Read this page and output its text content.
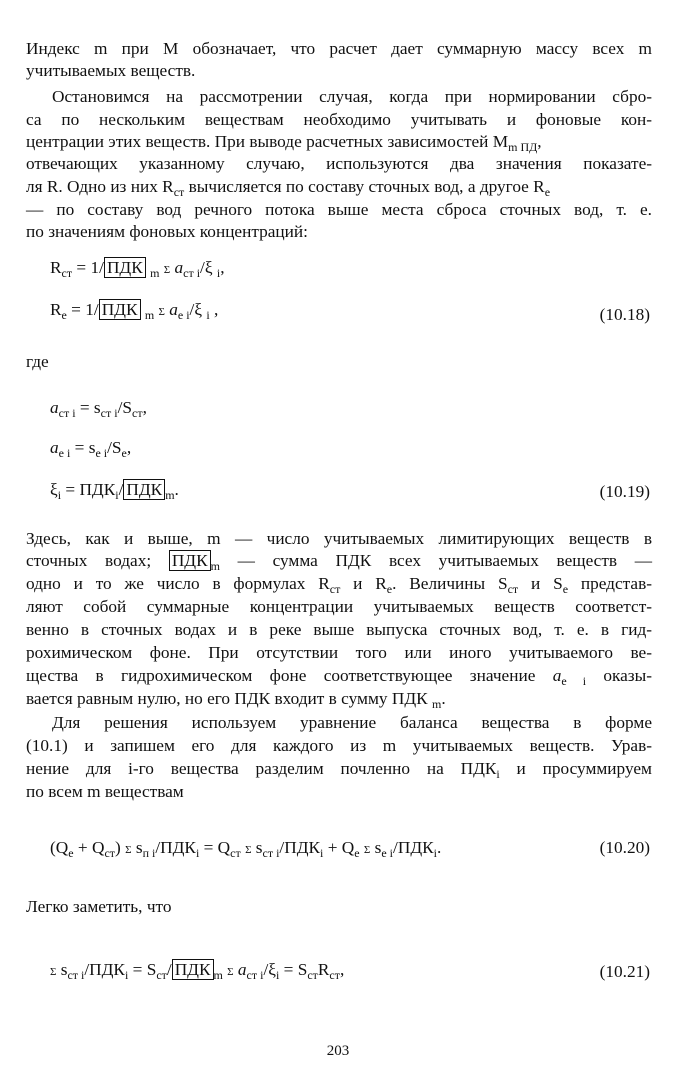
Индекс m при М обозначает, что расчет дает суммарную массу всех m
учитываемых веществ.
Остановимся на рассмотрении случая, когда при нормировании сбро-
са по нескольким веществам необходимо учитывать и фоновые кон-
центрации этих веществ. При выводе расчетных зависимостей $M_{m ПД}$,
отвечающих указанному случаю, используются два значения показате-
ля R. Одно из них $R_{ст}$ вычисляется по составу сточных вод, а другое $R_e$
— по составу вод речного потока выше места сброса сточных вод, т. е.
по значениям фоновых концентраций:
$R_{ст} = 1/$ ПДК $_m$ Σ $a_{ст i}/\xi$ $_i$,
$R_e = 1/$ ПДК $_m$ Σ $a_{e i}/\xi$ $_i$ ,	(10.18)
где
$a_{ст i} = s_{ст i}/S_{ст}$,
$a_{e i} = s_{e i}/S_e$,
$\xi_i = ПДК_i/$ ПДК $_m$.	(10.19)
Здесь, как и выше, m — число учитываемых лимитирующих веществ в
сточных водах; ПДК $_m$ — сумма ПДК всех учитываемых веществ —
одно и то же число в формулах $R_{ст}$ и $R_e$. Величины $S_{ст}$ и $S_e$ представ-
ляют собой суммарные концентрации учитываемых веществ соответст-
венно в сточных водах и в реке выше выпуска сточных вод, т. е. в гид-
рохимическом фоне. При отсутствии того или иного учитываемого ве-
щества в гидрохимическом фоне соответствующее значение $a_{e i}$ оказы-
вается равным нулю, но его ПДК входит в сумму ПДК $_m$.
Для решения используем уравнение баланса вещества в форме
(10.1) и запишем его для каждого из m учитываемых веществ. Урав-
нение для i-го вещества разделим почленно на $ПДК_i$ и просуммируем
по всем m веществам
$(Q_e + Q_{ст})$ Σ $s_{п i}/ПДК_i = Q_{ст}$ Σ $s_{ст i}/ПДК_i + Q_e$ Σ $s_{e i}/ПДК_i$.	(10.20)
Легко заметить, что
Σ $s_{ст i}/ПДК_i = S_{ст}/$ ПДК $_m$ Σ $a_{ст i}/\xi_i = S_{ст}R_{ст}$,	(10.21)
203
